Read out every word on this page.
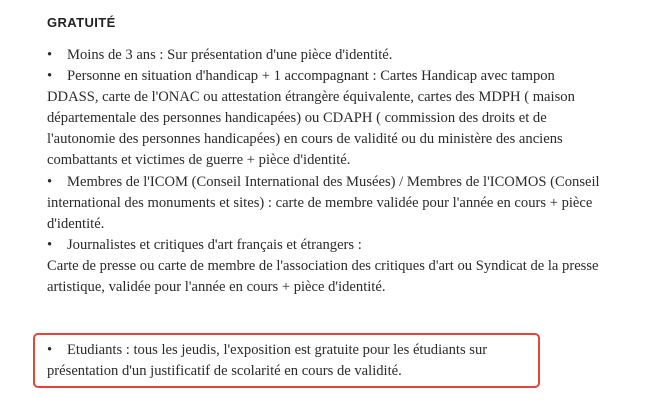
GRATUITÉ

• Moins de 3 ans : Sur présentation d'une pièce d'identité.

• Personne en situation d'handicap + 1 accompagnant : Cartes Handicap avec tampon DDASS, carte de l'ONAC ou attestation étrangère équivalente, cartes des MDPH ( maison départementale des personnes handicapées) ou CDAPH ( commission des droits et de l'autonomie des personnes handicapées) en cours de validité ou du ministère des anciens combattants et victimes de guerre + pièce d'identité.

• Membres de l'ICOM (Conseil International des Musées) / Membres de l'ICOMOS (Conseil international des monuments et sites) : carte de membre validée pour l'année en cours + pièce d'identité.

• Journalistes et critiques d'art français et étrangers :

Carte de presse ou carte de membre de l'association des critiques d'art ou Syndicat de la presse artistique, validée pour l'année en cours + pièce d'identité.

• Etudiants : tous les jeudis, l'exposition est gratuite pour les étudiants sur présentation d'un justificatif de scolarité en cours de validité.
